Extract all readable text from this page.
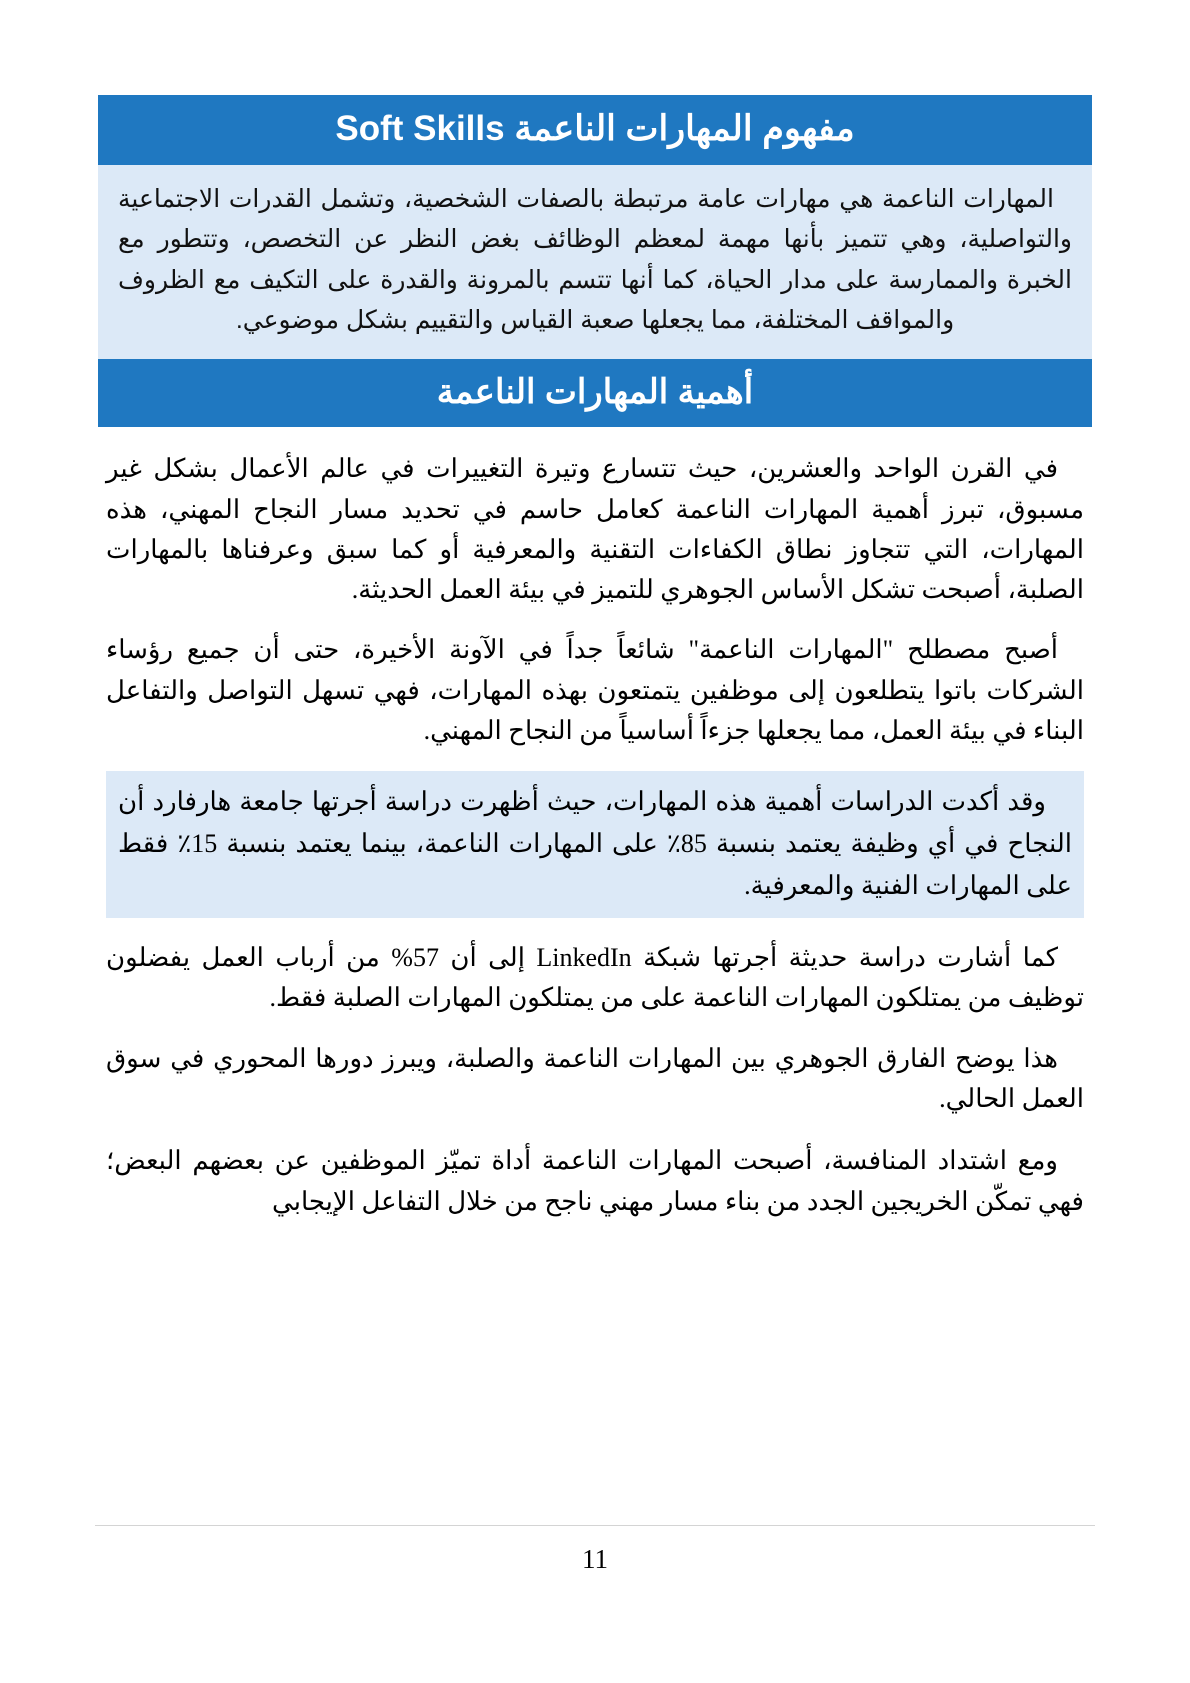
مفهوم المهارات الناعمة Soft Skills

المهارات الناعمة هي مهارات عامة مرتبطة بالصفات الشخصية، وتشمل القدرات الاجتماعية والتواصلية، وهي تتميز بأنها مهمة لمعظم الوظائف بغض النظر عن التخصص، وتتطور مع الخبرة والممارسة على مدار الحياة، كما أنها تتسم بالمرونة والقدرة على التكيف مع الظروف والمواقف المختلفة، مما يجعلها صعبة القياس والتقييم بشكل موضوعي.

أهمية المهارات الناعمة

في القرن الواحد والعشرين، حيث تتسارع وتيرة التغييرات في عالم الأعمال بشكل غير مسبوق، تبرز أهمية المهارات الناعمة كعامل حاسم في تحديد مسار النجاح المهني، هذه المهارات، التي تتجاوز نطاق الكفاءات التقنية والمعرفية أو كما سبق وعرفناها بالمهارات الصلبة، أصبحت تشكل الأساس الجوهري للتميز في بيئة العمل الحديثة.

أصبح مصطلح "المهارات الناعمة" شائعاً جداً في الآونة الأخيرة، حتى أن جميع رؤساء الشركات باتوا يتطلعون إلى موظفين يتمتعون بهذه المهارات، فهي تسهل التواصل والتفاعل البناء في بيئة العمل، مما يجعلها جزءاً أساسياً من النجاح المهني.

وقد أكدت الدراسات أهمية هذه المهارات، حيث أظهرت دراسة أجرتها جامعة هارفارد أن النجاح في أي وظيفة يعتمد بنسبة 85٪ على المهارات الناعمة، بينما يعتمد بنسبة 15٪ فقط على المهارات الفنية والمعرفية.

كما أشارت دراسة حديثة أجرتها شبكة LinkedIn إلى أن 57% من أرباب العمل يفضلون توظيف من يمتلكون المهارات الناعمة على من يمتلكون المهارات الصلبة فقط.

هذا يوضح الفارق الجوهري بين المهارات الناعمة والصلبة، ويبرز دورها المحوري في سوق العمل الحالي.

ومع اشتداد المنافسة، أصبحت المهارات الناعمة أداة تميّز الموظفين عن بعضهم البعض؛ فهي تمكّن الخريجين الجدد من بناء مسار مهني ناجح من خلال التفاعل الإيجابي

11
